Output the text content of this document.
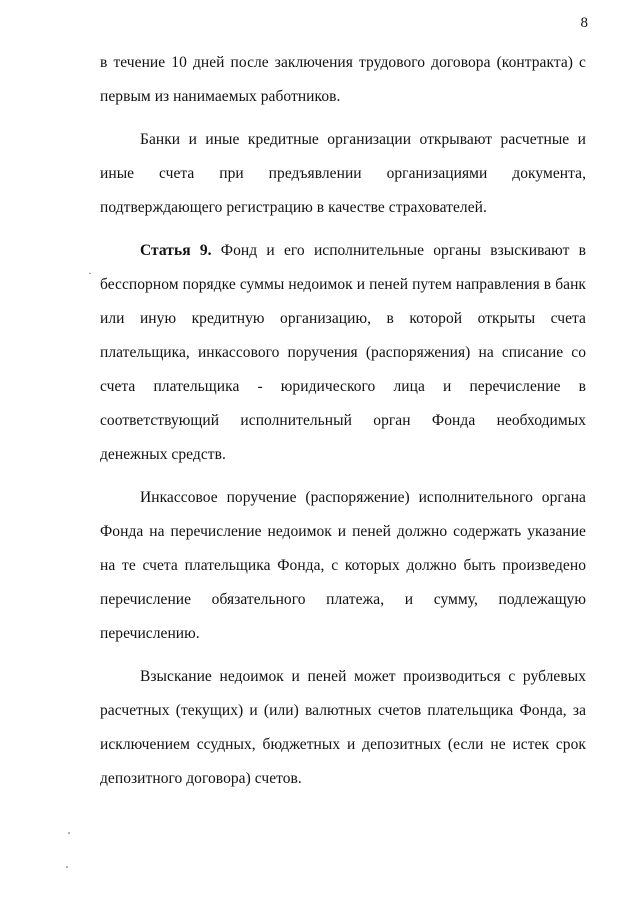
8
·

в течение 10 дней после заключения трудового договора (контракта) с первым из нанимаемых работников.

Банки и иные кредитные организации открывают расчетные и иные счета при предъявлении организациями документа, подтверждающего регистрацию в качестве страхователей.

Статья 9. Фонд и его исполнительные органы взыскивают в бесспорном порядке суммы недоимок и пеней путем направления в банк или иную кредитную организацию, в которой открыты счета плательщика, инкассового поручения (распоряжения) на списание со счета плательщика - юридического лица и перечисление в соответствующий исполнительный орган Фонда необходимых денежных средств.

Инкассовое поручение (распоряжение) исполнительного органа Фонда на перечисление недоимок и пеней должно содержать указание на те счета плательщика Фонда, с которых должно быть произведено перечисление обязательного платежа, и сумму, подлежащую перечислению.

Взыскание недоимок и пеней может производиться с рублевых расчетных (текущих) и (или) валютных счетов плательщика Фонда, за исключением ссудных, бюджетных и депозитных (если не истек срок депозитного договора) счетов.
